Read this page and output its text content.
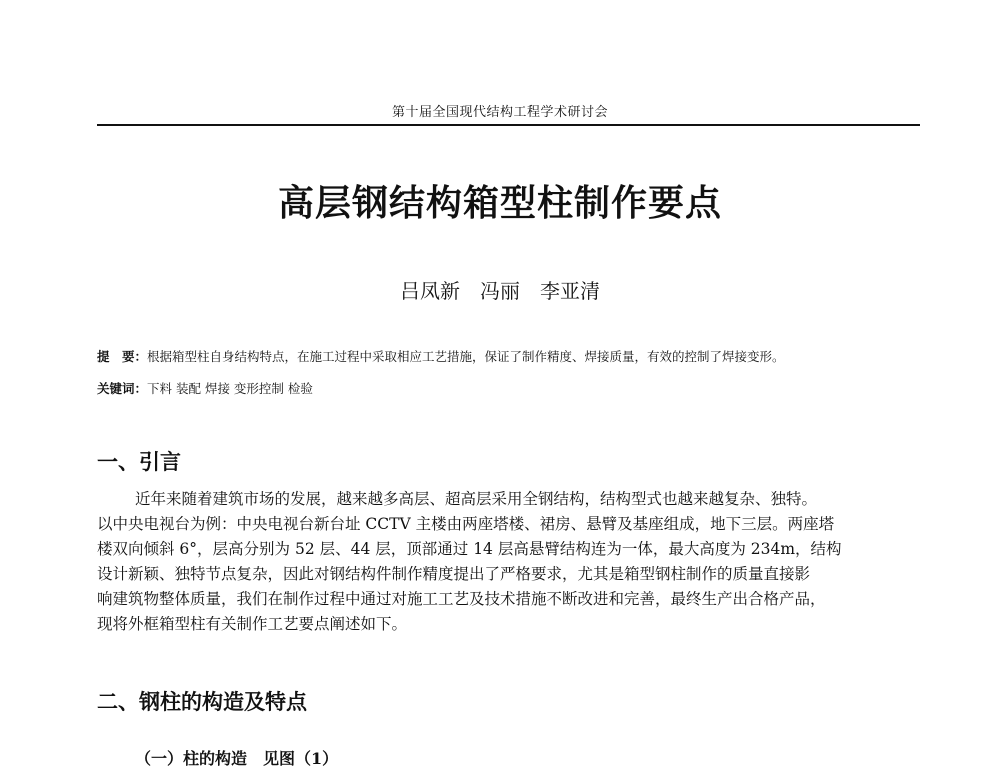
第十届全国现代结构工程学术研讨会
高层钢结构箱型柱制作要点
吕凤新　冯丽　李亚清
提　要：根据箱型柱自身结构特点，在施工过程中采取相应工艺措施，保证了制作精度、焊接质量，有效的控制了焊接变形。
关键词：下料 装配 焊接 变形控制 检验
一、引言
近年来随着建筑市场的发展，越来越多高层、超高层采用全钢结构，结构型式也越来越复杂、独特。
以中央电视台为例：中央电视台新台址 CCTV 主楼由两座塔楼、裙房、悬臂及基座组成，地下三层。两座塔
楼双向倾斜 6°，层高分别为 52 层、44 层，顶部通过 14 层高悬臂结构连为一体，最大高度为 234m，结构
设计新颖、独特节点复杂，因此对钢结构件制作精度提出了严格要求，尤其是箱型钢柱制作的质量直接影
响建筑物整体质量，我们在制作过程中通过对施工工艺及技术措施不断改进和完善，最终生产出合格产品，
现将外框箱型柱有关制作工艺要点阐述如下。
二、钢柱的构造及特点
（一）柱的构造　见图（1）
